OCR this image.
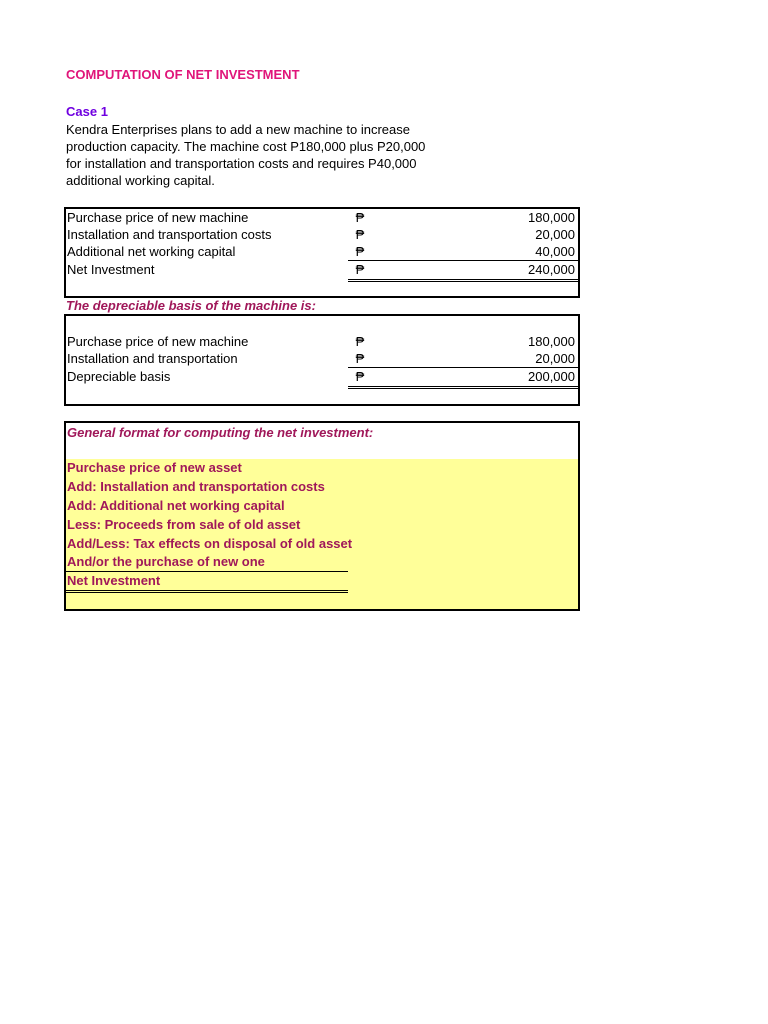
COMPUTATION OF NET INVESTMENT
Case 1
Kendra Enterprises plans to add a new machine to increase
production capacity. The machine cost P180,000 plus P20,000
for installation and transportation costs and requires P40,000
additional working capital.
Purchase price of new machine	₱	180,000
Installation and transportation costs	₱	20,000
Additional net working capital	₱	40,000
Net Investment	₱	240,000
The depreciable basis of the machine is:
Purchase price of new machine	₱	180,000
Installation and transportation	₱	20,000
Depreciable basis	₱	200,000
General format for computing the net investment:
Purchase price of new asset
Add: Installation and transportation costs
Add: Additional net working capital
Less: Proceeds from sale of old asset
Add/Less: Tax effects on disposal of old asset
And/or the purchase of new one
Net Investment
